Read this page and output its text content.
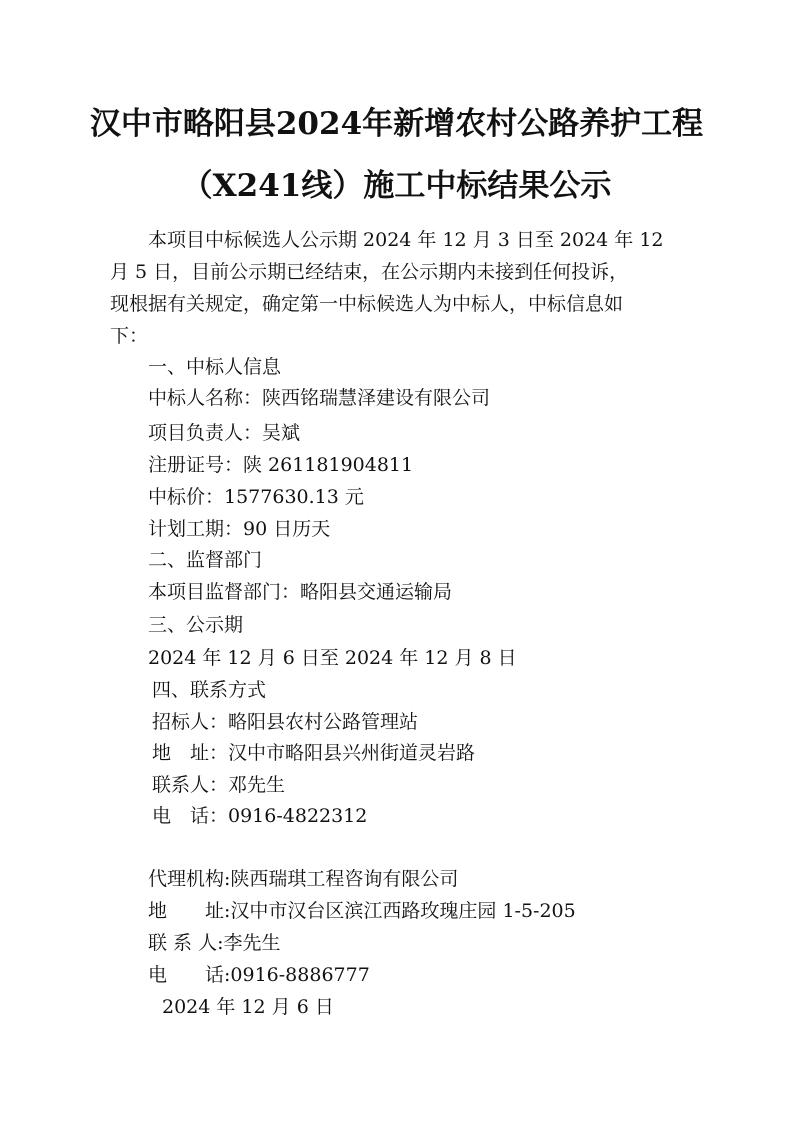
汉中市略阳县2024年新增农村公路养护工程
（X241线）施工中标结果公示
本项目中标候选人公示期 2024 年 12 月 3 日至 2024 年 12
月 5 日，目前公示期已经结束，在公示期内未接到任何投诉，
现根据有关规定，确定第一中标候选人为中标人，中标信息如
下：
一、中标人信息
中标人名称：陕西铭瑞慧泽建设有限公司
项目负责人：吴斌
注册证号：陕 261181904811
中标价：1577630.13 元
计划工期：90 日历天
二、监督部门
本项目监督部门：略阳县交通运输局
三、公示期
2024 年 12 月 6 日至 2024 年 12 月 8 日
四、联系方式
招标人：略阳县农村公路管理站
地　址：汉中市略阳县兴州街道灵岩路
联系人：邓先生
电　话：0916-4822312
代理机构:陕西瑞琪工程咨询有限公司
地　　址:汉中市汉台区滨江西路玫瑰庄园 1-5-205
联 系 人:李先生
电　　话:0916-8886777
2024 年 12 月 6 日
